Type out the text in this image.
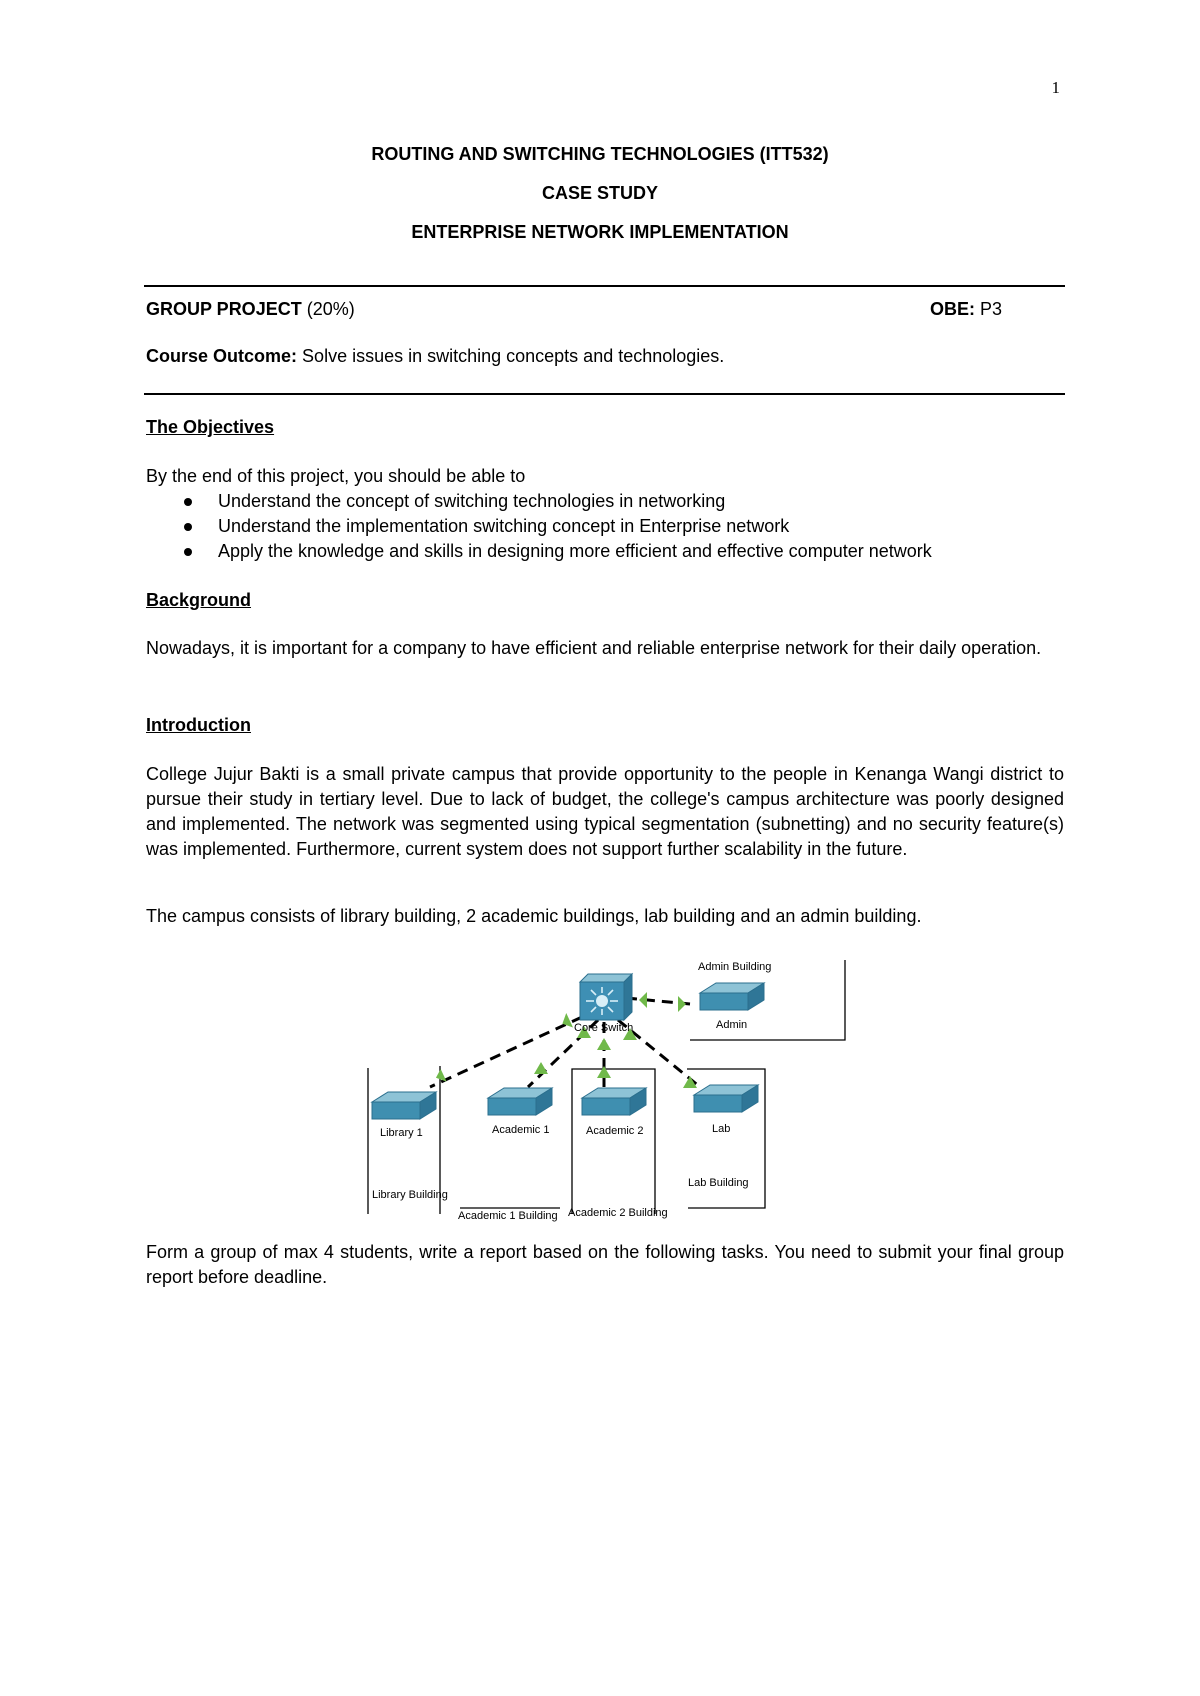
1
ROUTING AND SWITCHING TECHNOLOGIES (ITT532)
CASE STUDY
ENTERPRISE NETWORK IMPLEMENTATION
GROUP PROJECT (20%)	OBE: P3
Course Outcome: Solve issues in switching concepts and technologies.
The Objectives
By the end of this project, you should be able to
Understand the concept of switching technologies in networking
Understand the implementation switching concept in Enterprise network
Apply the knowledge and skills in designing more efficient and effective computer network
Background
Nowadays, it is important for a company to have efficient and reliable enterprise network for their daily operation.
Introduction
College Jujur Bakti is a small private campus that provide opportunity to the people in Kenanga Wangi district to pursue their study in tertiary level. Due to lack of budget, the college's campus architecture was poorly designed and implemented. The network was segmented using typical segmentation (subnetting) and no security feature(s) was implemented. Furthermore, current system does not support further scalability in the future.
The campus consists of library building, 2 academic buildings, lab building and an admin building.
Core Switch	Admin
Admin Building
Library 1
Library Building
Academic 1
Academic 1 Building
Academic 2
Academic 2 Building
Lab
Lab Building
Form a group of max 4 students, write a report based on the following tasks. You need to submit your final group report before deadline.
